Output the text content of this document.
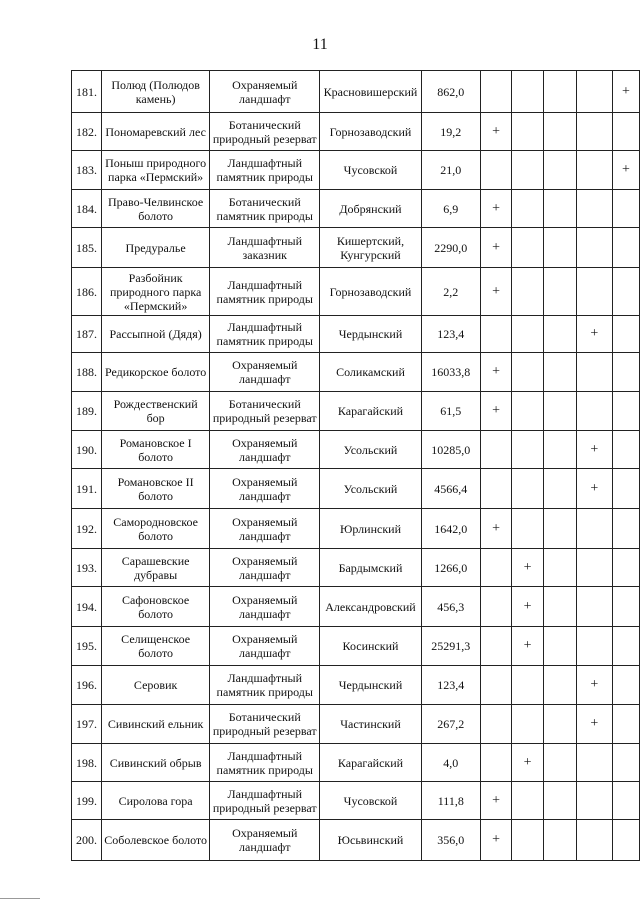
11
181.	Полюд (Полюдов камень)	Охраняемый ландшафт	Красновишерский	862,0					+
182.	Пономаревский лес	Ботанический природный резерват	Горнозаводский	19,2	+				
183.	Поныш природного парка «Пермский»	Ландшафтный памятник природы	Чусовской	21,0					+
184.	Право-Челвинское болото	Ботанический памятник природы	Добрянский	6,9	+				
185.	Предуралье	Ландшафтный заказник	Кишертский, Кунгурский	2290,0	+				
186.	Разбойник природного парка «Пермский»	Ландшафтный памятник природы	Горнозаводский	2,2	+				
187.	Рассыпной (Дядя)	Ландшафтный памятник природы	Чердынский	123,4				+	
188.	Редикорское болото	Охраняемый ландшафт	Соликамский	16033,8	+				
189.	Рождественский бор	Ботанический природный резерват	Карагайский	61,5	+				
190.	Романовское I болото	Охраняемый ландшафт	Усольский	10285,0				+	
191.	Романовское II болото	Охраняемый ландшафт	Усольский	4566,4				+	
192.	Самородновское болото	Охраняемый ландшафт	Юрлинский	1642,0	+				
193.	Сарашевские дубравы	Охраняемый ландшафт	Бардымский	1266,0		+			
194.	Сафоновское болото	Охраняемый ландшафт	Александровский	456,3		+			
195.	Селищенское болото	Охраняемый ландшафт	Косинский	25291,3		+			
196.	Серовик	Ландшафтный памятник природы	Чердынский	123,4				+	
197.	Сивинский ельник	Ботанический природный резерват	Частинский	267,2				+	
198.	Сивинский обрыв	Ландшафтный памятник природы	Карагайский	4,0		+			
199.	Сиролова гора	Ландшафтный природный резерват	Чусовской	111,8	+				
200.	Соболевское болото	Охраняемый ландшафт	Юсьвинский	356,0	+				
